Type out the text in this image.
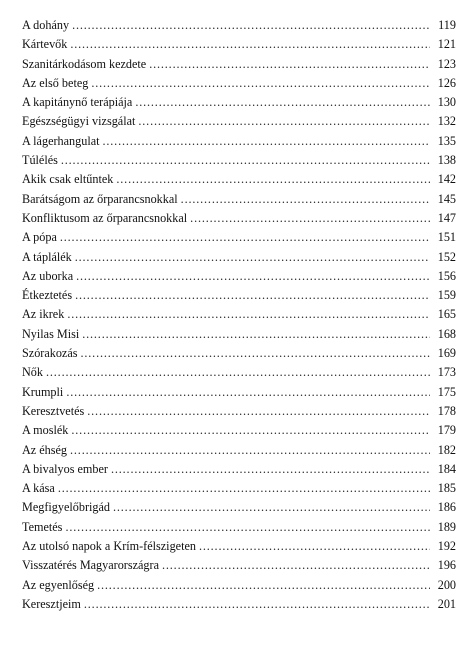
A dohány . . .	119
Kártevők . . .	121
Szanitárkodásom kezdete . . .	123
Az első beteg . . .	126
A kapitánynő terápiája . . .	130
Egészségügyi vizsgálat . . .	132
A lágerhangulat . . .	135
Túlélés . . .	138
Akik csak eltűntek . . .	142
Barátságom az őrparancsnokkal . . .	145
Konfliktusom az őrparancsnokkal . . .	147
A pópa . . .	151
A táplálék . . .	152
Az uborka . . .	156
Étkeztetés . . .	159
Az ikrek . . .	165
Nyilas Misi . . .	168
Szórakozás . . .	169
Nők . . .	173
Krumpli . . .	175
Keresztvetés . . .	178
A moslék . . .	179
Az éhség . . .	182
A bivalyos ember . . .	184
A kása . . .	185
Megfigyelőbrigád . . .	186
Temetés . . .	189
Az utolsó napok a Krím-félszigeten . . .	192
Visszatérés Magyarországra . . .	196
Az egyenlőség . . .	200
Keresztjeim . . .	201
